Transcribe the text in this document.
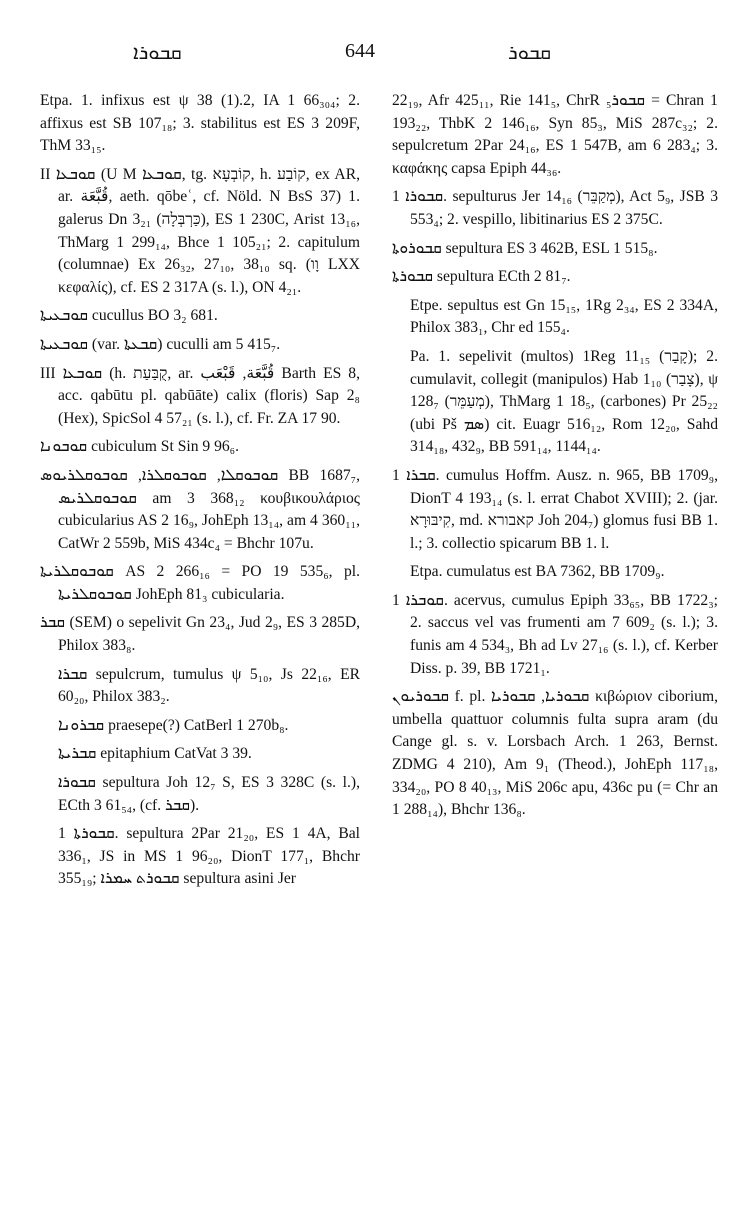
ܩܒܘܪܐ	644	ܩܒܘܪ

Etpa. 1. infixus est ψ 38 (1).2, IA 1 66₃₀₄; 2. affixus est SB 107₁₈; 3. stabilitus est ES 3 209F, ThM 33₁₅.

II ܩܘܒܥܐ (U M ܩܘܒܥܐ, tg. קוֹבְעָא, h. קוֹבַע, ex AR, ar. قُبَّعَة, aeth. qōbeʿ, cf. Nöld. N BsS 37) 1. galerus Dn 3₂₁ (כַּרְבְּלָה), ES 1 230C, Arist 13₁₆, ThMarg 1 299₁₄, Bhce 1 105₂₁; 2. capitulum (columnae) Ex 26₃₂, 27₁₀, 38₁₀ sq. (וָו LXX κεφαλίς), cf. ES 2 317A (s. l.), ON 4₂₁.

ܩܘܒܥܝܬܐ cucullus BO 3₂ 681.

ܩܘܒܥܝܬܐ (var. ܩܒܥܬܐ) cuculli am 5 415₇.

III ܩܘܒܥܐ (h. קֻבַּעַת, ar. قُبَّعَة, قَبْعَب Barth ES 8, acc. qabūtu pl. qabūāte) calix (floris) Sap 2₈ (Hex), SpicSol 4 57₂₁ (s. l.), cf. Fr. ZA 17 90.

ܩܘܒܘܢܐ cubiculum St Sin 9 96₆.

ܩܘܒܘܩܠܐ, ܩܘܒܘܩܠܪܐ, ܩܘܒܘܩܠܪܝܘܣ BB 1687₇, ܩܘܒܘܩܠܪܝܣ am 3 368₁₂ κουβικουλάριος cubicularius AS 2 16₉, JohEph 13₁₄, am 4 360₁₁, CatWr 2 559b, MiS 434c₄ = Bhchr 107u.

ܩܘܒܘܩܠܪܝܬܐ AS 2 266₁₆ = PO 19 535₆, pl. ܩܘܒܘܩܠܪܝܬܐ JohEph 81₃ cubicularia.

ܩܒܪ (SEM) o sepelivit Gn 23₄, Jud 2₉, ES 3 285D, Philox 383₈.

ܩܒܪܐ sepulcrum, tumulus ψ 5₁₀, Js 22₁₆, ER 60₂₀, Philox 383₂.

ܩܒܪܘܢܐ praesepe(?) CatBerl 1 270b₈.

ܩܒܪܝܬܐ epitaphium CatVat 3 39.

ܩܒܘܪܐ sepultura Joh 12₇ S, ES 3 328C (s. l.), ECth 3 61₅₄, (cf. ܩܒܪ).

ܩܒܘܪܬܐ 1. sepultura 2Par 21₂₀, ES 1 4A, Bal 336₁, JS in MS 1 96₂₀, DionT 177₁, Bhchr 355₁₉; ܩܒܘܪܬ ܚܡܪܐ sepultura asini Jer

22₁₉, Afr 425₁₁, Rie 141₅, ChrR ܩܒܘܪ₅ = Chran 1 193₂₂, ThbK 2 146₁₆, Syn 85₃, MiS 287c₃₂; 2. sepulcretum 2Par 24₁₆, ES 1 547B, am 6 283₄; 3. καφάκης capsa Epiph 44₃₆.

ܩܒܘܪܐ 1. sepulturus Jer 14₁₆ (מְקַבֵּר), Act 5₉, JSB 3 553₄; 2. vespillo, libitinarius ES 2 375C.

ܩܒܘܪܘܬܐ sepultura ES 3 462B, ESL 1 515₈.

ܩܒܘܪܬܐ sepultura ECth 2 81₇.

Etpe. sepultus est Gn 15₁₅, 1Rg 2₃₄, ES 2 334A, Philox 383₁, Chr ed 155₄.

Pa. 1. sepelivit (multos) 1Reg 11₁₅ (קָבַר); 2. cumulavit, collegit (manipulos) Hab 1₁₀ (צָבַר), ψ 128₇ (מְעַמֵּר), ThMarg 1 18₅, (carbones) Pr 25₂₂ (ubi Pš ܣܡ) cit. Euagr 516₁₂, Rom 12₂₀, Sahd 314₁₈, 432₉, BB 591₁₄, 1144₁₄.

ܩܒܪܐ 1. cumulus Hoffm. Ausz. n. 965, BB 1709₉, DionT 4 193₁₄ (s. l. errat Chabot XVIII); 2. (jar. קִיבּוּרָא, md. קאבורא Joh 204₇) glomus fusi BB 1. l.; 3. collectio spicarum BB 1. l.

Etpa. cumulatus est BA 7362, BB 1709₉.

ܩܘܒܪܐ 1. acervus, cumulus Epiph 33₆₅, BB 1722₃; 2. saccus vel vas frumenti am 7 609₂ (s. l.); 3. funis am 4 534₃, Bh ad Lv 27₁₆ (s. l.), cf. Kerber Diss. p. 39, BB 1721₁.

ܩܒܘܪܝܘܢ f. pl. ܩܒܘܪܝܐ, ܩܒܘܪܝܐ κιβώριον ciborium, umbella quattuor columnis fulta supra aram (du Cange gl. s. v. Lorsbach Arch. 1 263, Bernst. ZDMG 4 210), Am 9₁ (Theod.), JohEph 117₁₈, 334₂₀, PO 8 40₁₃, MiS 206c apu, 436c pu (= Chr an 1 288₁₄), Bhchr 136₈.
